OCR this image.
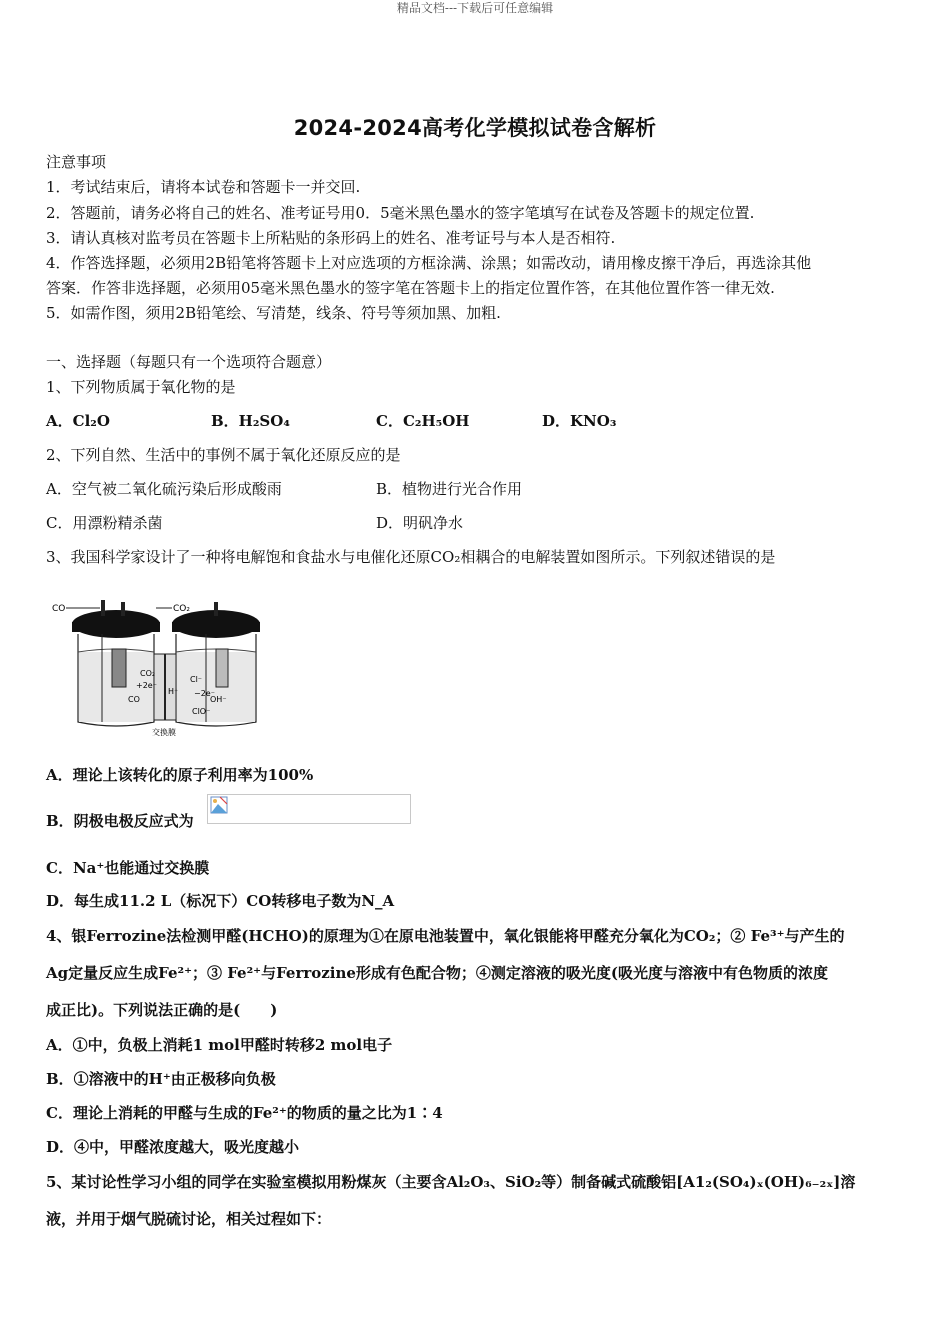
精品文档---下载后可任意编辑
2024-2024高考化学模拟试卷含解析
注意事项
1．考试结束后，请将本试卷和答题卡一并交回.
2．答题前，请务必将自己的姓名、准考证号用0．5毫米黑色墨水的签字笔填写在试卷及答题卡的规定位置.
3．请认真核对监考员在答题卡上所粘贴的条形码上的姓名、准考证号与本人是否相符.
4．作答选择题，必须用2B铅笔将答题卡上对应选项的方框涂满、涂黑；如需改动，请用橡皮擦干净后，再选涂其他
答案．作答非选择题，必须用05毫米黑色墨水的签字笔在答题卡上的指定位置作答，在其他位置作答一律无效.
5．如需作图，须用2B铅笔绘、写清楚，线条、符号等须加黑、加粗.
一、选择题（每题只有一个选项符合题意）
1、下列物质属于氧化物的是
A．Cl₂O	B．H₂SO₄	C．C₂H₅OH	D．KNO₃
2、下列自然、生活中的事例不属于氧化还原反应的是
A．空气被二氧化硫污染后形成酸雨	B．植物进行光合作用
C．用漂粉精杀菌	D．明矾净水
3、我国科学家设计了一种将电解饱和食盐水与电催化还原CO₂相耦合的电解装置如图所示。下列叙述错误的是
CO	CO₂
CO₂
+2e⁻
CO
H⁺
Cl⁻
−2e⁻
OH⁻
ClO⁻
交换膜
A．理论上该转化的原子利用率为100%
B．阴极电极反应式为
C．Na⁺也能通过交换膜
D．每生成11.2 L（标况下）CO转移电子数为N_A
4、银Ferrozine法检测甲醛(HCHO)的原理为①在原电池装置中，氧化银能将甲醛充分氧化为CO₂；② Fe³⁺与产生的
Ag定量反应生成Fe²⁺；③ Fe²⁺与Ferrozine形成有色配合物；④测定溶液的吸光度(吸光度与溶液中有色物质的浓度
成正比)。下列说法正确的是(　　)
A．①中，负极上消耗1 mol甲醛时转移2 mol电子
B．①溶液中的H⁺由正极移向负极
C．理论上消耗的甲醛与生成的Fe²⁺的物质的量之比为1∶4
D．④中，甲醛浓度越大，吸光度越小
5、某讨论性学习小组的同学在实验室模拟用粉煤灰（主要含Al₂O₃、SiO₂等）制备碱式硫酸铝[A1₂(SO₄)ₓ(OH)₆₋₂ₓ]溶
液，并用于烟气脱硫讨论，相关过程如下：
